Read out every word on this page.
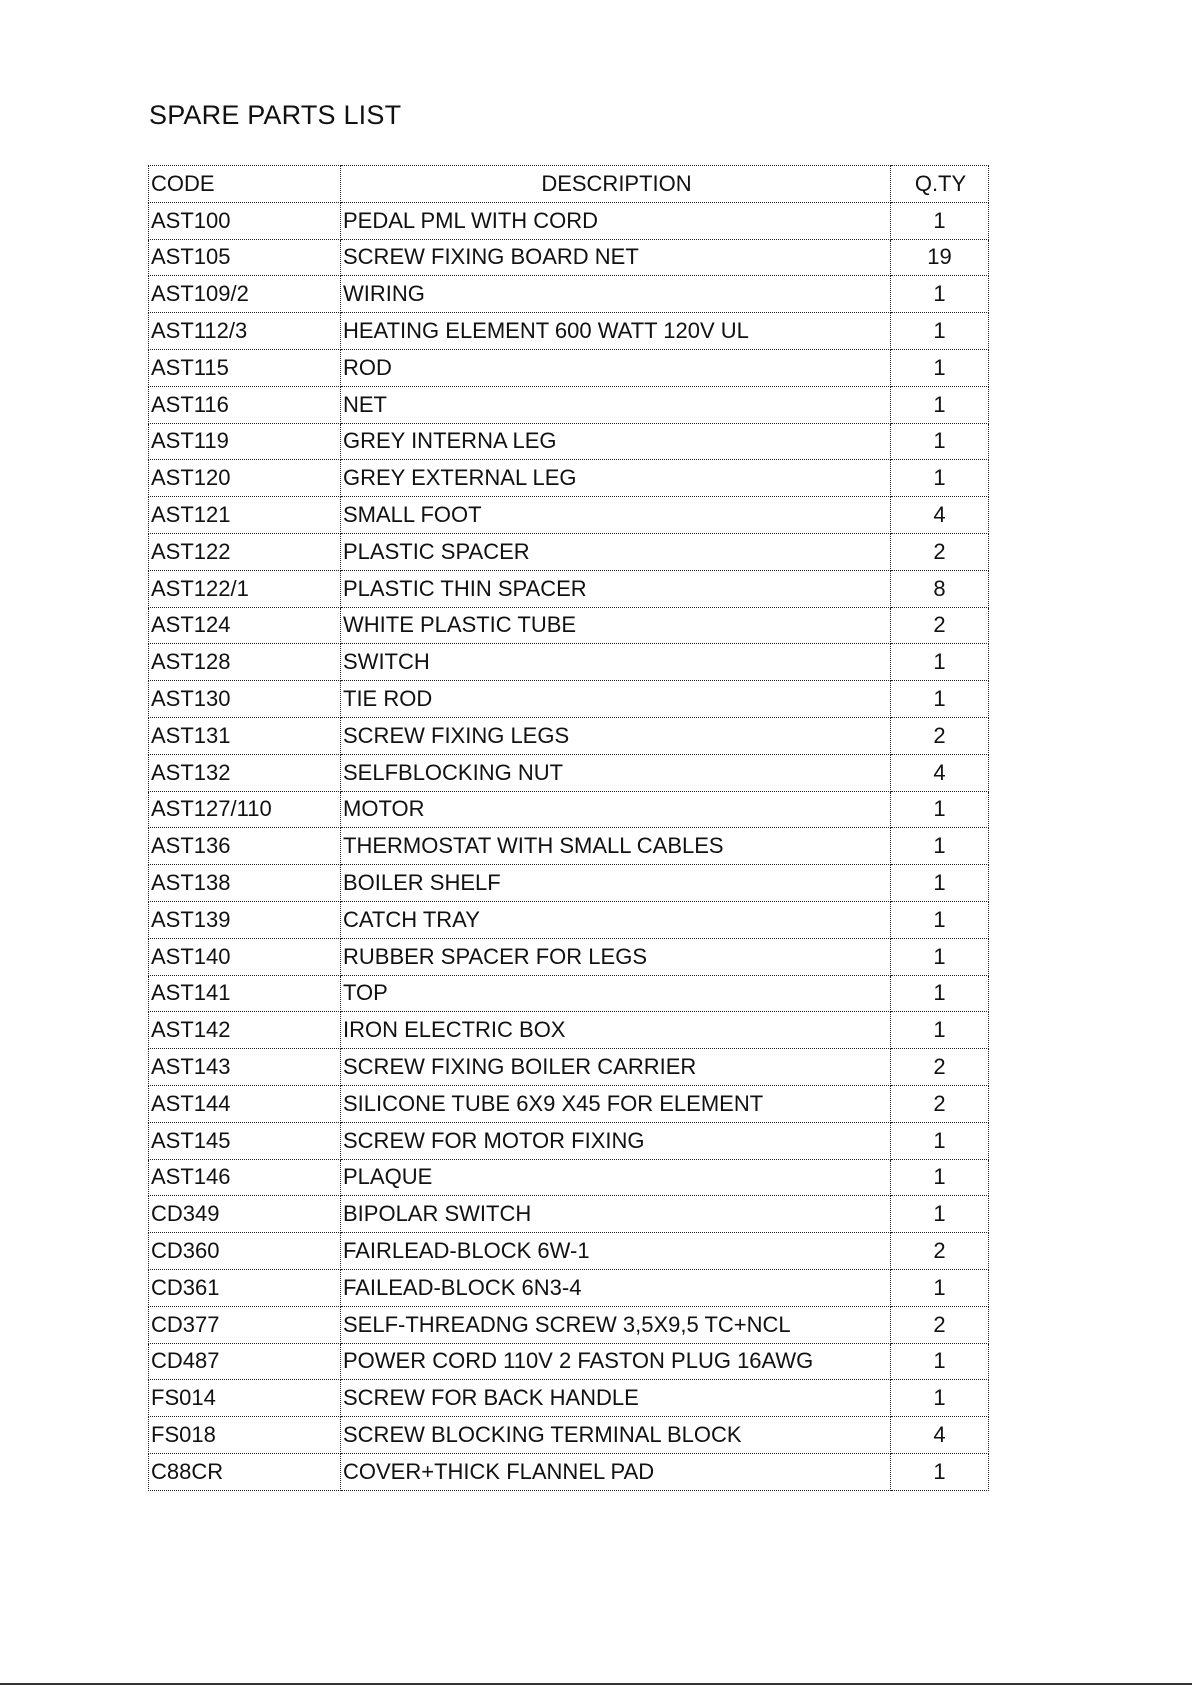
SPARE PARTS LIST
CODE	DESCRIPTION	Q.TY
AST100	PEDAL PML WITH CORD	1
AST105	SCREW FIXING BOARD NET	19
AST109/2	WIRING	1
AST112/3	HEATING ELEMENT 600 WATT 120V UL	1
AST115	ROD	1
AST116	NET	1
AST119	GREY INTERNA LEG	1
AST120	GREY EXTERNAL LEG	1
AST121	SMALL FOOT	4
AST122	PLASTIC SPACER	2
AST122/1	PLASTIC THIN SPACER	8
AST124	WHITE PLASTIC TUBE	2
AST128	SWITCH	1
AST130	TIE ROD	1
AST131	SCREW FIXING LEGS	2
AST132	SELFBLOCKING NUT	4
AST127/110	MOTOR	1
AST136	THERMOSTAT WITH SMALL CABLES	1
AST138	BOILER SHELF	1
AST139	CATCH TRAY	1
AST140	RUBBER SPACER FOR LEGS	1
AST141	TOP	1
AST142	IRON ELECTRIC BOX	1
AST143	SCREW FIXING BOILER CARRIER	2
AST144	SILICONE TUBE 6X9 X45 FOR ELEMENT	2
AST145	SCREW FOR MOTOR FIXING	1
AST146	PLAQUE	1
CD349	BIPOLAR SWITCH	1
CD360	FAIRLEAD-BLOCK 6W-1	2
CD361	FAILEAD-BLOCK 6N3-4	1
CD377	SELF-THREADNG SCREW 3,5X9,5 TC+NCL	2
CD487	POWER CORD 110V 2 FASTON PLUG 16AWG	1
FS014	SCREW FOR BACK HANDLE	1
FS018	SCREW BLOCKING TERMINAL BLOCK	4
C88CR	COVER+THICK FLANNEL PAD	1
